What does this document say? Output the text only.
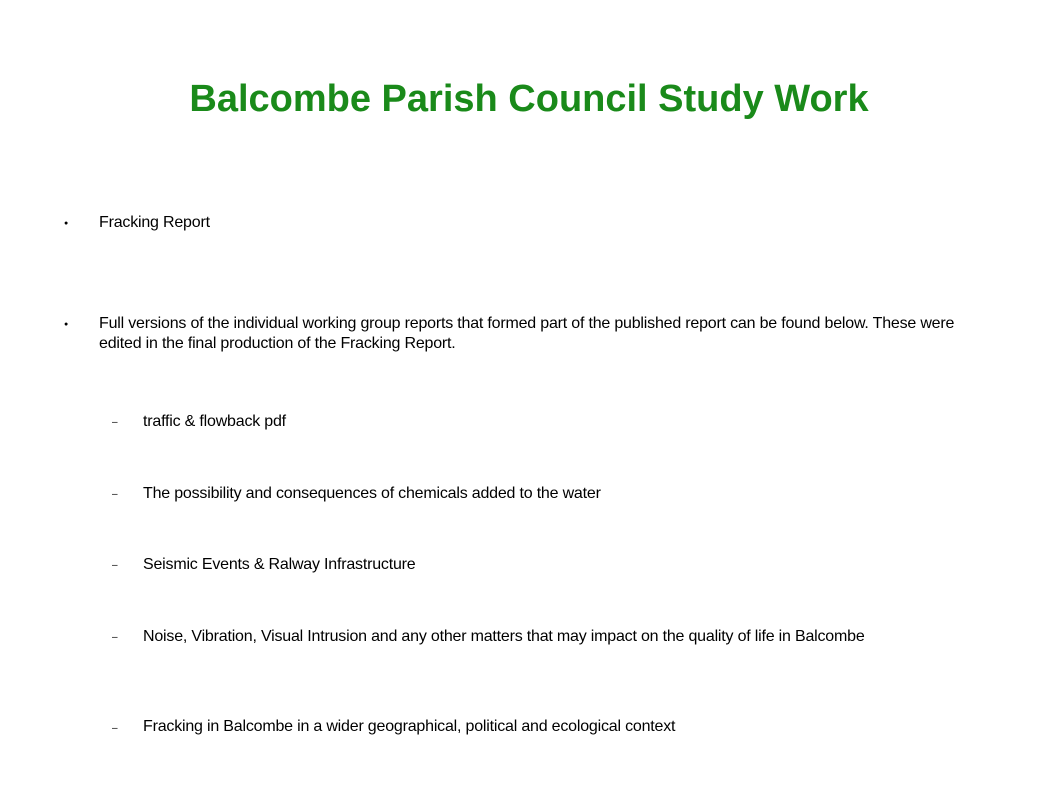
Balcombe Parish Council Study Work
● Fracking Report
● Full versions of the individual working group reports that formed part of the published report can be found below. These were edited in the final production of the Fracking Report.
– traffic & flowback pdf
– The possibility and consequences of chemicals added to the water
– Seismic Events & Ralway Infrastructure
– Noise, Vibration, Visual Intrusion and any other matters that may impact on the quality of life in Balcombe
– Fracking in Balcombe in a wider geographical, political and ecological context
